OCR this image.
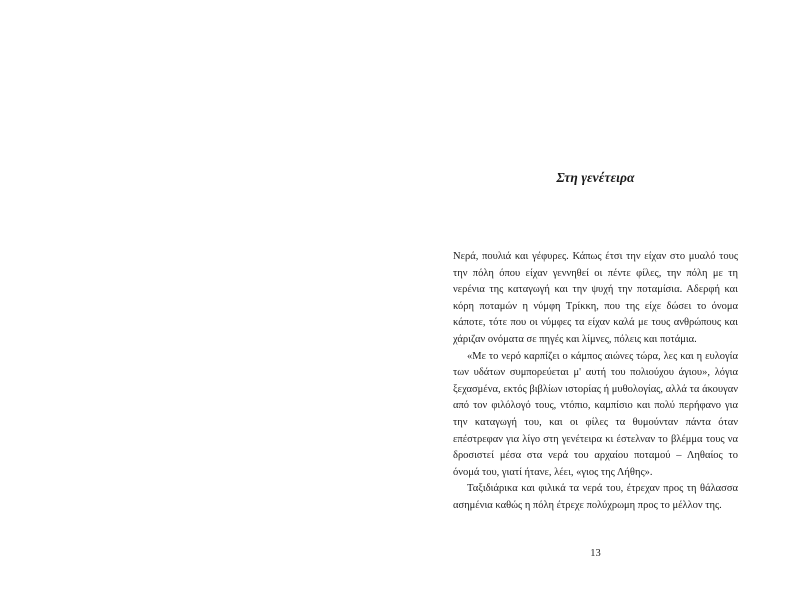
Στη γενέτειρα

Νερά, πουλιά και γέφυρες. Κάπως έτσι την είχαν στο μυαλό τους την πόλη όπου είχαν γεννηθεί οι πέντε φίλες, την πόλη με τη νερένια της καταγωγή και την ψυχή την ποταμίσια. Αδερφή και κόρη ποταμών η νύμφη Τρίκκη, που της είχε δώσει το όνομα κάποτε, τότε που οι νύμφες τα είχαν καλά με τους ανθρώπους και χάριζαν ονόματα σε πηγές και λίμνες, πόλεις και ποτάμια.

«Με το νερό καρπίζει ο κάμπος αιώνες τώρα, λες και η ευλογία των υδάτων συμπορεύεται μ' αυτή του πολιούχου άγιου», λόγια ξεχασμένα, εκτός βιβλίων ιστορίας ή μυθολογίας, αλλά τα άκουγαν από τον φιλόλογό τους, ντόπιο, καμπίσιο και πολύ περήφανο για την καταγωγή του, και οι φίλες τα θυμούνταν πάντα όταν επέστρεφαν για λίγο στη γενέτειρα κι έστελναν το βλέμμα τους να δροσιστεί μέσα στα νερά του αρχαίου ποταμού – Ληθαίος το όνομά του, γιατί ήτανε, λέει, «γιος της Λήθης».

Ταξιδιάρικα και φιλικά τα νερά του, έτρεχαν προς τη θάλασσα ασημένια καθώς η πόλη έτρεχε πολύχρωμη προς το μέλλον της.

13
